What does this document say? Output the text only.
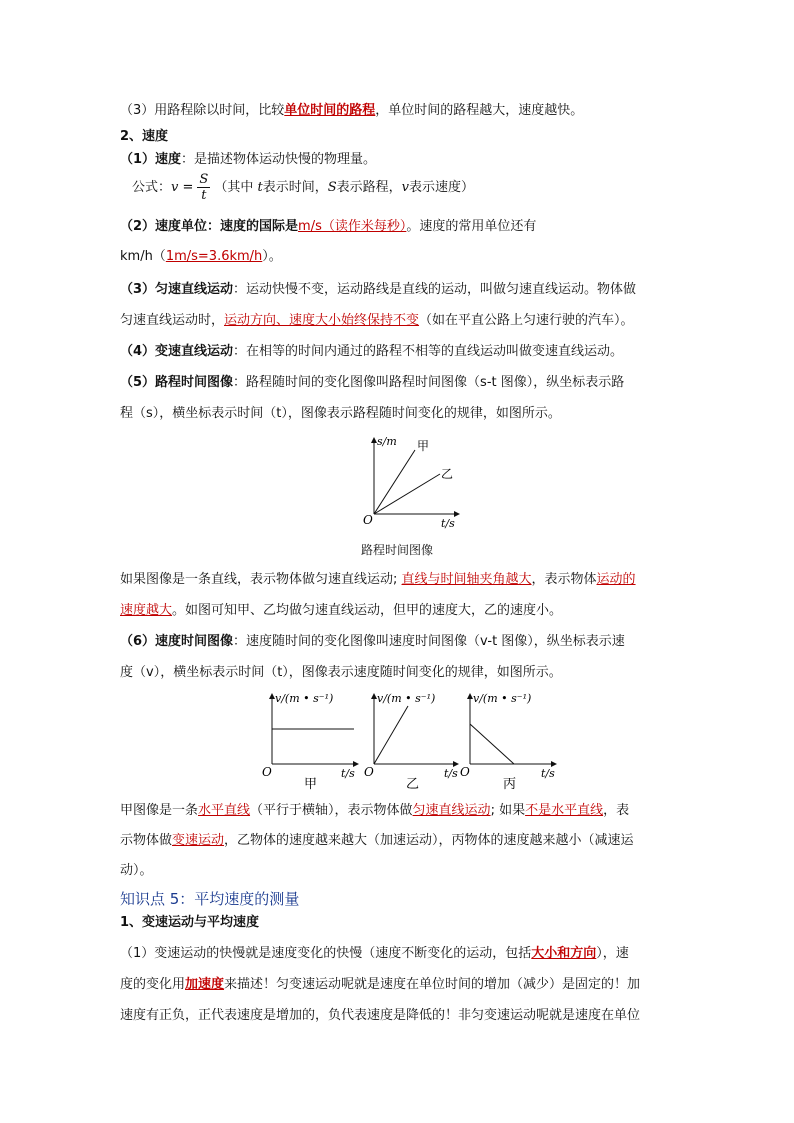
（3）用路程除以时间，比较单位时间的路程，单位时间的路程越大，速度越快。
2、速度
（1）速度：是描述物体运动快慢的物理量。
公式：$v = \frac{S}{t}$ （其中 t表示时间，S表示路程，v表示速度）
（2）速度单位：速度的国际是m/s（读作米每秒）。速度的常用单位还有
km/h（1m/s=3.6km/h）。
（3）匀速直线运动：运动快慢不变，运动路线是直线的运动，叫做匀速直线运动。物体做
匀速直线运动时，运动方向、速度大小始终保持不变（如在平直公路上匀速行驶的汽车）。
（4）变速直线运动：在相等的时间内通过的路程不相等的直线运动叫做变速直线运动。
（5）路程时间图像：路程随时间的变化图像叫路程时间图像（s-t 图像），纵坐标表示路
程（s），横坐标表示时间（t），图像表示路程随时间变化的规律，如图所示。
s/m 甲
乙
O	t/s
路程时间图像
如果图像是一条直线，表示物体做匀速直线运动; 直线与时间轴夹角越大，表示物体运动的
速度越大。如图可知甲、乙均做匀速直线运动，但甲的速度大，乙的速度小。
（6）速度时间图像：速度随时间的变化图像叫速度时间图像（v-t 图像），纵坐标表示速
度（v），横坐标表示时间（t），图像表示速度随时间变化的规律，如图所示。
v/(m • s⁻¹)
O	t/s
甲
v/(m • s⁻¹)
O	t/s
乙
v/(m • s⁻¹)
O	t/s
丙
甲图像是一条水平直线（平行于横轴），表示物体做匀速直线运动; 如果不是水平直线，表
示物体做变速运动，乙物体的速度越来越大（加速运动），丙物体的速度越来越小（减速运
动）。
知识点 5：平均速度的测量
1、变速运动与平均速度
（1）变速运动的快慢就是速度变化的快慢（速度不断变化的运动，包括大小和方向），速
度的变化用加速度来描述！匀变速运动呢就是速度在单位时间的增加（减少）是固定的！加
速度有正负，正代表速度是增加的，负代表速度是降低的！非匀变速运动呢就是速度在单位
